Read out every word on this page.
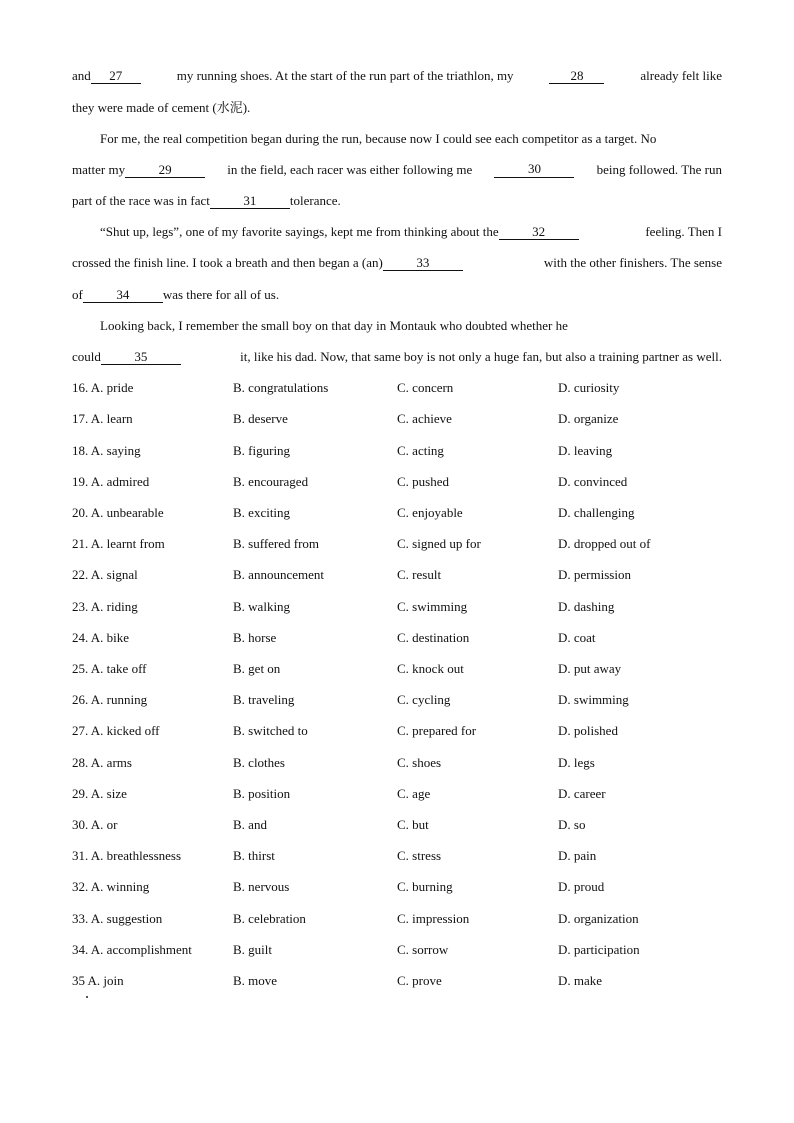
and 27	my running shoes. At the start of the run part of the triathlon, my	28	already felt like
they were made of cement (水泥).
For me, the real competition began during the run, because now I could see each competitor as a target. No
matter my	29	in the field, each racer was either following me	30	being followed. The run
part of the race was in fact	31	tolerance.
“Shut up, legs”, one of my favorite sayings, kept me from thinking about the	32	feeling. Then I
crossed the finish line. I took a breath and then began a (an)	33	with the other finishers. The sense
of	34	was there for all of us.
Looking back, I remember the small boy on that day in Montauk who doubted whether he
could	35	it, like his dad. Now, that same boy is not only a huge fan, but also a training partner as well.
16. A. pride	B. congratulations	C. concern	D. curiosity
17. A. learn	B. deserve	C. achieve	D. organize
18. A. saying	B. figuring	C. acting	D. leaving
19. A. admired	B. encouraged	C. pushed	D. convinced
20. A. unbearable	B. exciting	C. enjoyable	D. challenging
21. A. learnt from	B. suffered from	C. signed up for	D. dropped out of
22. A. signal	B. announcement	C. result	D. permission
23. A. riding	B. walking	C. swimming	D. dashing
24. A. bike	B. horse	C. destination	D. coat
25. A. take off	B. get on	C. knock out	D. put away
26. A. running	B. traveling	C. cycling	D. swimming
27. A. kicked off	B. switched to	C. prepared for	D. polished
28. A. arms	B. clothes	C. shoes	D. legs
29. A. size	B. position	C. age	D. career
30. A. or	B. and	C. but	D. so
31. A. breathlessness	B. thirst	C. stress	D. pain
32. A. winning	B. nervous	C. burning	D. proud
33. A. suggestion	B. celebration	C. impression	D. organization
34. A. accomplishment	B. guilt	C. sorrow	D. participation
35 A. join	B. move	C. prove	D. make
